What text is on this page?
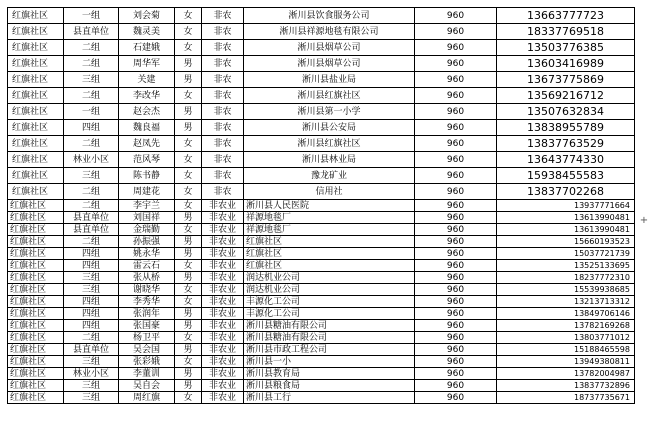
红旗社区	一组	刘会菊	女	非农	淅川县饮食服务公司	960	13663777723
红旗社区	县直单位	魏灵美	女	非农	淅川县祥源地毯有限公司	960	18337769518
红旗社区	二组	石建娥	女	非农	淅川县烟草公司	960	13503776385
红旗社区	二组	周华军	男	非农	淅川县烟草公司	960	13603416989
红旗社区	三组	关建	男	非农	淅川县盐业局	960	13673775869
红旗社区	二组	李改华	女	非农	淅川县红旗社区	960	13569216712
红旗社区	一组	赵会杰	男	非农	淅川县第一小学	960	13507632834
红旗社区	四组	魏良福	男	非农	淅川县公安局	960	13838955789
红旗社区	二组	赵凤先	女	非农	淅川县红旗社区	960	13837763529
红旗社区	林业小区	范风琴	女	非农	淅川县林业局	960	13643774330
红旗社区	三组	陈书静	女	非农	豫龙矿业	960	15938455583
红旗社区	二组	周建花	女	非农	信用社	960	13837702268
红旗社区	二组	李宇兰	女	非农业	淅川县人民医院	960	13937771664
红旗社区	县直单位	刘国祥	男	非农业	祥源地毯厂	960	13613990481
红旗社区	县直单位	金瑞勤	女	非农业	祥源地毯厂	960	13613990481
红旗社区	二组	孙振强	男	非农业	红旗社区	960	15660193523
红旗社区	四组	姚永华	男	非农业	红旗社区	960	15037721739
红旗社区	四组	雷云石	女	非农业	红旗社区	960	13525133695
红旗社区	三组	张从桥	男	非农业	润达机业公司	960	18237772310
红旗社区	三组	谢晓华	女	非农业	润达机业公司	960	15539938685
红旗社区	四组	李秀华	女	非农业	丰源化工公司	960	13213713312
红旗社区	四组	张润年	男	非农业	丰源化工公司	960	13849706146
红旗社区	四组	张国豪	男	非农业	淅川县糖油有限公司	960	13782169268
红旗社区	二组	杨卫平	女	非农业	淅川县糖油有限公司	960	13803771012
红旗社区	县直单位	吴会国	男	非农业	淅川县市政工程公司	960	15188465598
红旗社区	三组	张彩娥	女	非农业	淅川县一小	960	13949380811
红旗社区	林业小区	李董训	男	非农业	淅川县教育局	960	13782004987
红旗社区	三组	吴自会	男	非农业	淅川县粮食局	960	13837732896
红旗社区	三组	周红旗	女	非农业	淅川县工行	960	18737735671
+
